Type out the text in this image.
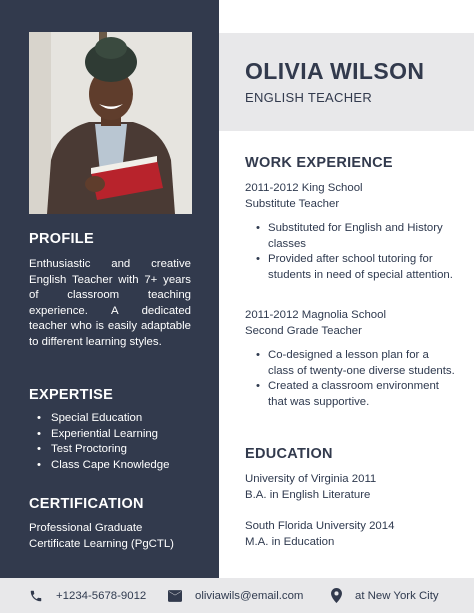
PROFILE

Enthusiastic and creative English Teacher with 7+ years of classroom teaching experience. A dedicated teacher who is easily adaptable to different learning styles.

EXPERTISE
• Special Education
• Experiential Learning
• Test Proctoring
• Class Cape Knowledge
CERTIFICATION
Professional Graduate
Certificate Learning (PgCTL)
OLIVIA WILSON
ENGLISH TEACHER
WORK EXPERIENCE
2011-2012 King School
Substitute Teacher
• Substituted for English and History classes
• Provided after school tutoring for students in need of special attention.
2011-2012 Magnolia School
Second Grade Teacher
• Co-designed a lesson plan for a class of twenty-one diverse students.
• Created a classroom environment that was supportive.
EDUCATION
University of Virginia 2011
B.A. in English Literature
South Florida University 2014
M.A. in Education
+1234-5678-9012	oliviawils@email.com	at New York City
